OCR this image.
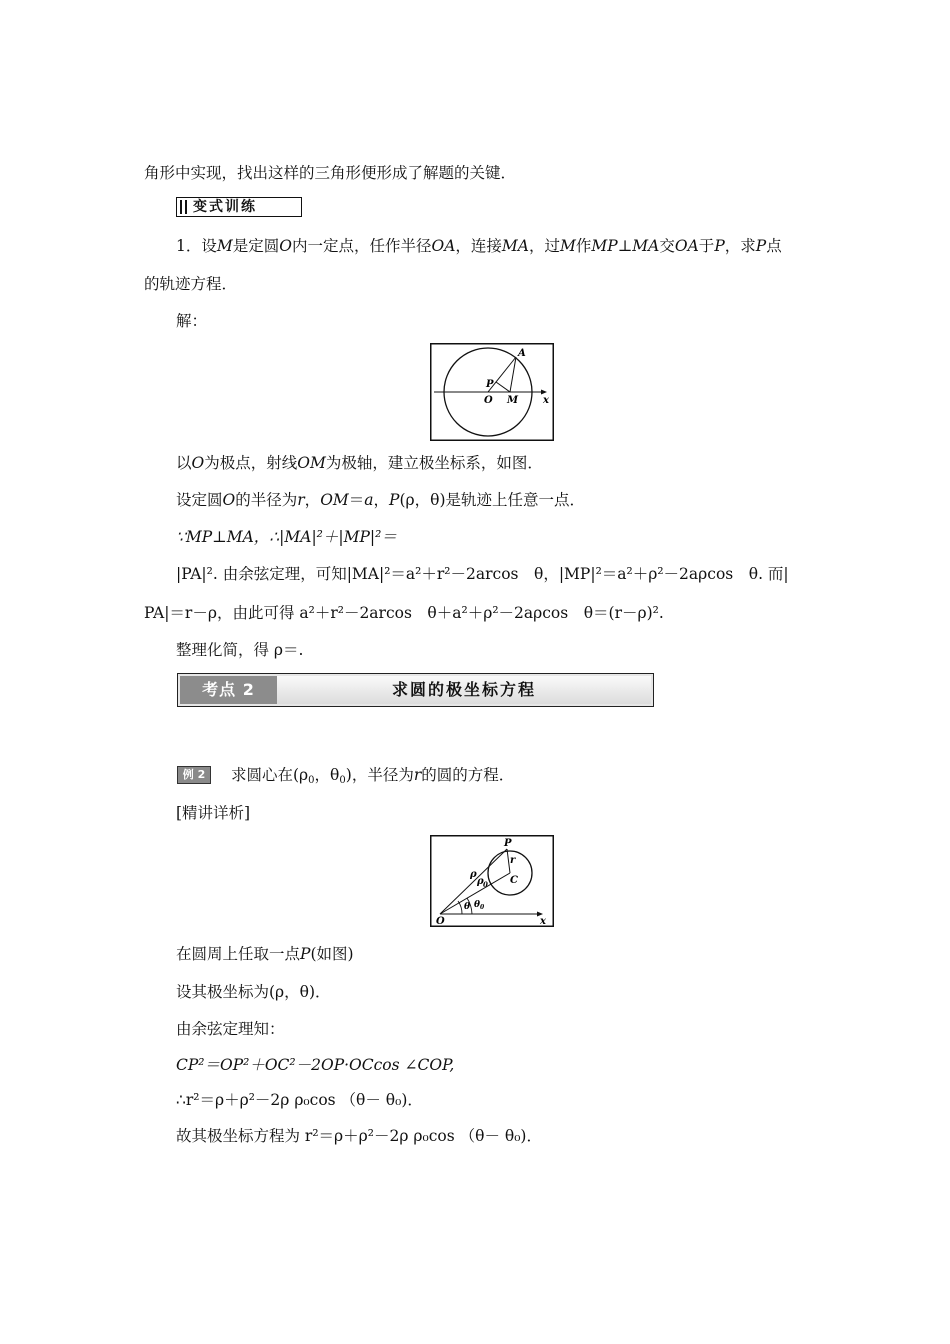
角形中实现，找出这样的三角形便形成了解题的关键．
变式训练
1．设M是定圆O内一定点，任作半径OA，连接MA，过M作MP⊥MA交OA于P，求P点
的轨迹方程．
解：
A
P
O M x
以O为极点，射线OM为极轴，建立极坐标系，如图．
设定圆O的半径为r，OM＝a，P(ρ，θ)是轨迹上任意一点．
∵MP⊥MA，∴|MA|²＋|MP|²＝
|PA|². 由余弦定理，可知|MA|²＝a²＋r²－2arcos　θ，|MP|²＝a²＋ρ²－2aρcos　θ. 而|
PA|＝r－ρ，由此可得 a²＋r²－2arcos　θ＋a²＋ρ²－2aρcos　θ＝(r－ρ)².
整理化简，得 ρ＝.
考点 2	求圆的极坐标方程
例 2	求圆心在($\rho_0$，$\theta_0$)，半径为r的圆的方程．
[精讲详析]
P
r
C
ρ
ρ 0
O
θ θ 0
x
在圆周上任取一点P(如图)
设其极坐标为(ρ，θ)．
由余弦定理知：
CP²＝OP²＋OC²－2OP·OCcos ∠COP,
∴r²＝ρ＋ρ²－2ρ ρ₀cos （θ－ θ₀)．
故其极坐标方程为 r²＝ρ＋ρ²－2ρ ρ₀cos （θ－ θ₀)．
